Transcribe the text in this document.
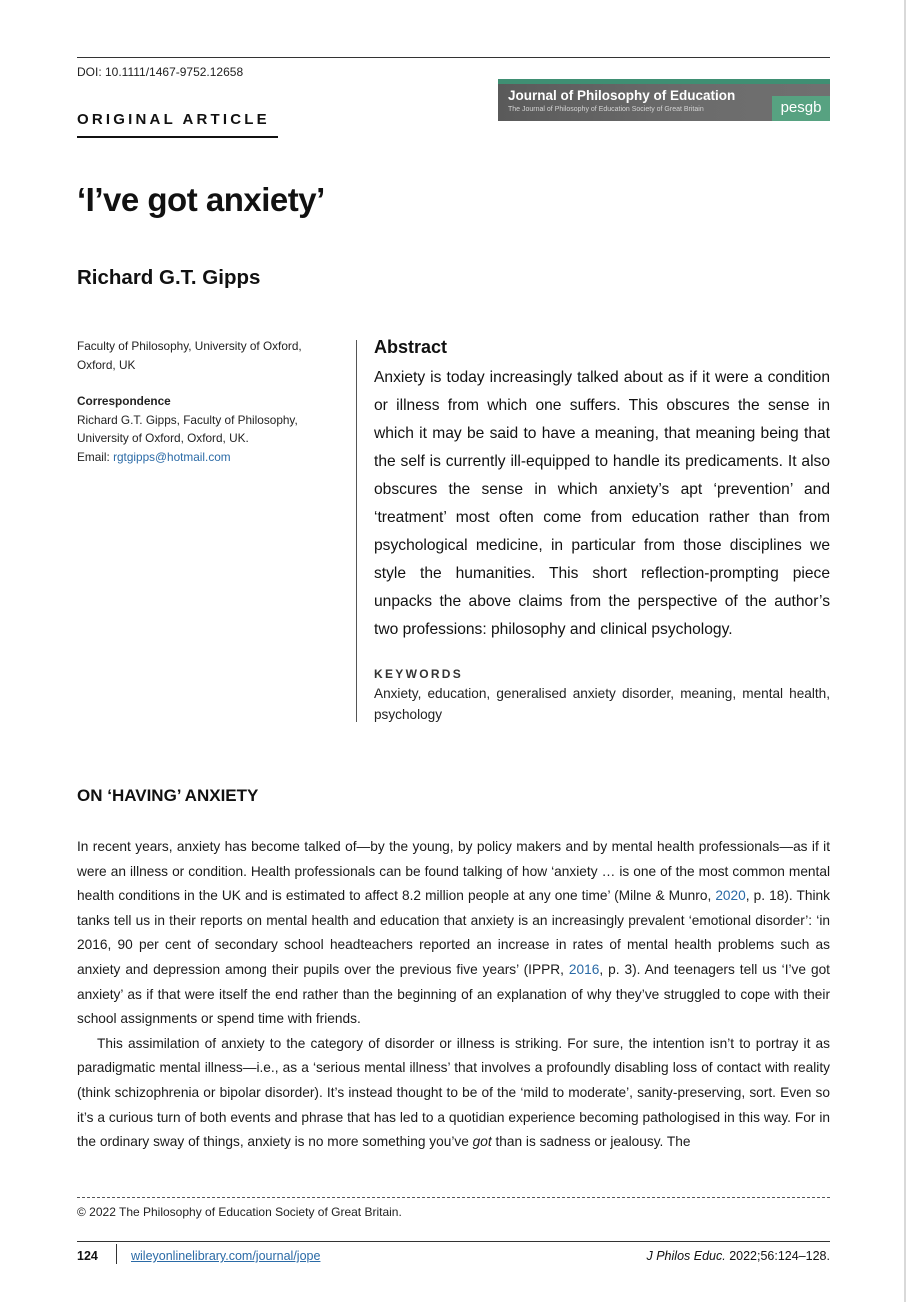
DOI: 10.1111/1467-9752.12658
Journal of Philosophy of Education
The Journal of Philosophy of Education Society of Great Britain	pesgb
ORIGINAL ARTICLE
‘I’ve got anxiety’
Richard G.T. Gipps

Faculty of Philosophy, University of Oxford, Oxford, UK

Correspondence

Richard G.T. Gipps, Faculty of Philosophy, University of Oxford, Oxford, UK.

Email: rgtgipps@hotmail.com

Abstract
Anxiety is today increasingly talked about as if it were a condition or illness from which one suffers. This obscures the sense in which it may be said to have a meaning, that meaning being that the self is currently ill-equipped to handle its predicaments. It also obscures the sense in which anxiety’s apt ‘prevention’ and ‘treatment’ most often come from education rather than from psychological medicine, in particular from those disciplines we style the humanities. This short reflection-prompting piece unpacks the above claims from the perspective of the author’s two professions: philosophy and clinical psychology.
KEYWORDS
Anxiety, education, generalised anxiety disorder, meaning, mental health, psychology
ON ‘HAVING’ ANXIETY

In recent years, anxiety has become talked of—by the young, by policy makers and by mental health professionals—as if it were an illness or condition. Health professionals can be found talking of how ‘anxiety … is one of the most common mental health conditions in the UK and is estimated to affect 8.2 million people at any one time’ (Milne & Munro, 2020, p. 18). Think tanks tell us in their reports on mental health and education that anxiety is an increasingly prevalent ‘emotional disorder’: ‘in 2016, 90 per cent of secondary school headteachers reported an increase in rates of mental health problems such as anxiety and depression among their pupils over the previous five years’ (IPPR, 2016, p. 3). And teenagers tell us ‘I’ve got anxiety’ as if that were itself the end rather than the beginning of an explanation of why they’ve struggled to cope with their school assignments or spend time with friends.

This assimilation of anxiety to the category of disorder or illness is striking. For sure, the intention isn’t to portray it as paradigmatic mental illness—i.e., as a ‘serious mental illness’ that involves a profoundly disabling loss of contact with reality (think schizophrenia or bipolar disorder). It’s instead thought to be of the ‘mild to moderate’, sanity-preserving, sort. Even so it’s a curious turn of both events and phrase that has led to a quotidian experience becoming pathologised in this way. For in the ordinary sway of things, anxiety is no more something you’ve got than is sadness or jealousy. The

© 2022 The Philosophy of Education Society of Great Britain.
124	wileyonlinelibrary.com/journal/jope	J Philos Educ. 2022;56:124–128.
